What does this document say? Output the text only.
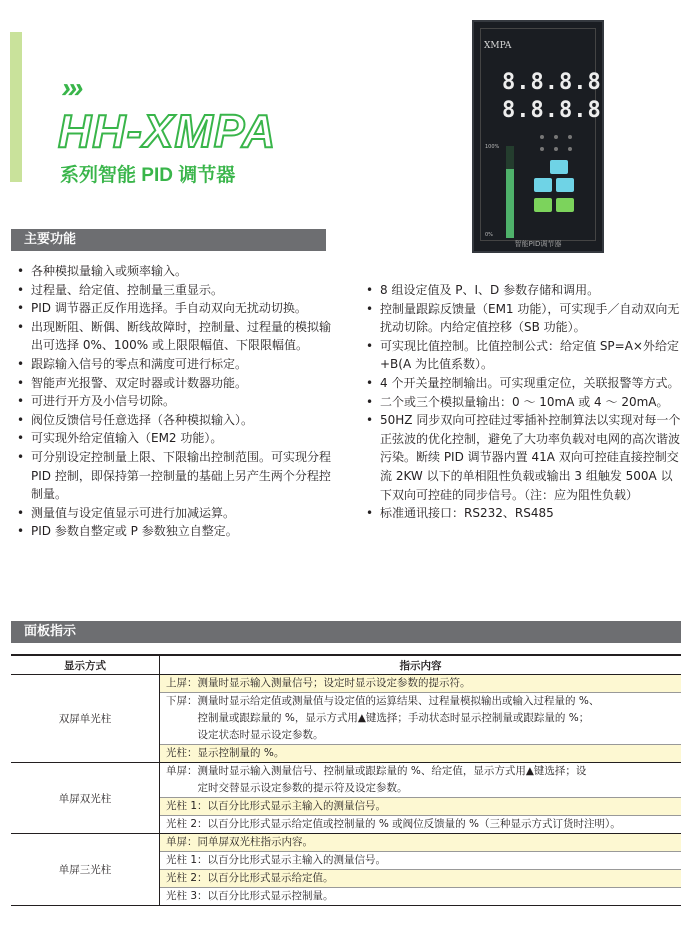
›››
HH-XMPA
系列智能 PID 调节器
XMPA
8.8.8.8
8.8.8.8
100%
0%
智能PID调节器
主要功能
• 各种模拟量输入或频率输入。
• 过程量、给定值、控制量三重显示。
• PID 调节器正反作用选择。手自动双向无扰动切换。
• 出现断阻、断偶、断线故障时，控制量、过程量的模拟输出可选择 0%、100% 或上限限幅值、下限限幅值。
• 跟踪输入信号的零点和满度可进行标定。
• 智能声光报警、双定时器或计数器功能。
• 可进行开方及小信号切除。
• 阀位反馈信号任意选择（各种模拟输入）。
• 可实现外给定值输入（EM2 功能）。
• 可分别设定控制量上限、下限输出控制范围。可实现分程 PID 控制，即保持第一控制量的基础上另产生两个分程控制量。
• 测量值与设定值显示可进行加减运算。
• PID 参数自整定或 P 参数独立自整定。
• 8 组设定值及 P、I、D 参数存储和调用。
• 控制量跟踪反馈量（EM1 功能），可实现手／自动双向无扰动切除。内给定值控移（SB 功能）。
• 可实现比值控制。比值控制公式：给定值 SP=A×外给定 +B(A 为比值系数）。
• 4 个开关量控制输出。可实现重定位，关联报警等方式。
• 二个或三个模拟量输出：0 ～ 10mA 或 4 ～ 20mA。
• 50HZ 同步双向可控硅过零插补控制算法以实现对每一个正弦波的优化控制，避免了大功率负载对电网的高次谐波污染。断续 PID 调节器内置 41A 双向可控硅直接控制交流 2KW 以下的单相阻性负载或输出 3 组触发 500A 以下双向可控硅的同步信号。（注：应为阻性负载）
• 标准通讯接口：RS232、RS485
面板指示
显示方式	指示内容
双屏单光柱	上屏：测量时显示输入测量信号；设定时显示设定参数的提示符。
	下屏：测量时显示给定值或测量值与设定值的运算结果、过程量模拟输出或输入过程量的 %、
　　　控制量或跟踪量的 %，显示方式用▲键选择；手动状态时显示控制量或跟踪量的 %；
　　　设定状态时显示设定参数。
	光柱：显示控制量的 %。
单屏双光柱	单屏：测量时显示输入测量信号、控制量或跟踪量的 %、给定值，显示方式用▲键选择；设
　　　定时交替显示设定参数的提示符及设定参数。
	光柱 1：以百分比形式显示主输入的测量信号。
	光柱 2：以百分比形式显示给定值或控制量的 % 或阀位反馈量的 %（三种显示方式订货时注明）。
单屏三光柱	单屏：同单屏双光柱指示内容。
	光柱 1：以百分比形式显示主输入的测量信号。
	光柱 2：以百分比形式显示给定值。
	光柱 3：以百分比形式显示控制量。
